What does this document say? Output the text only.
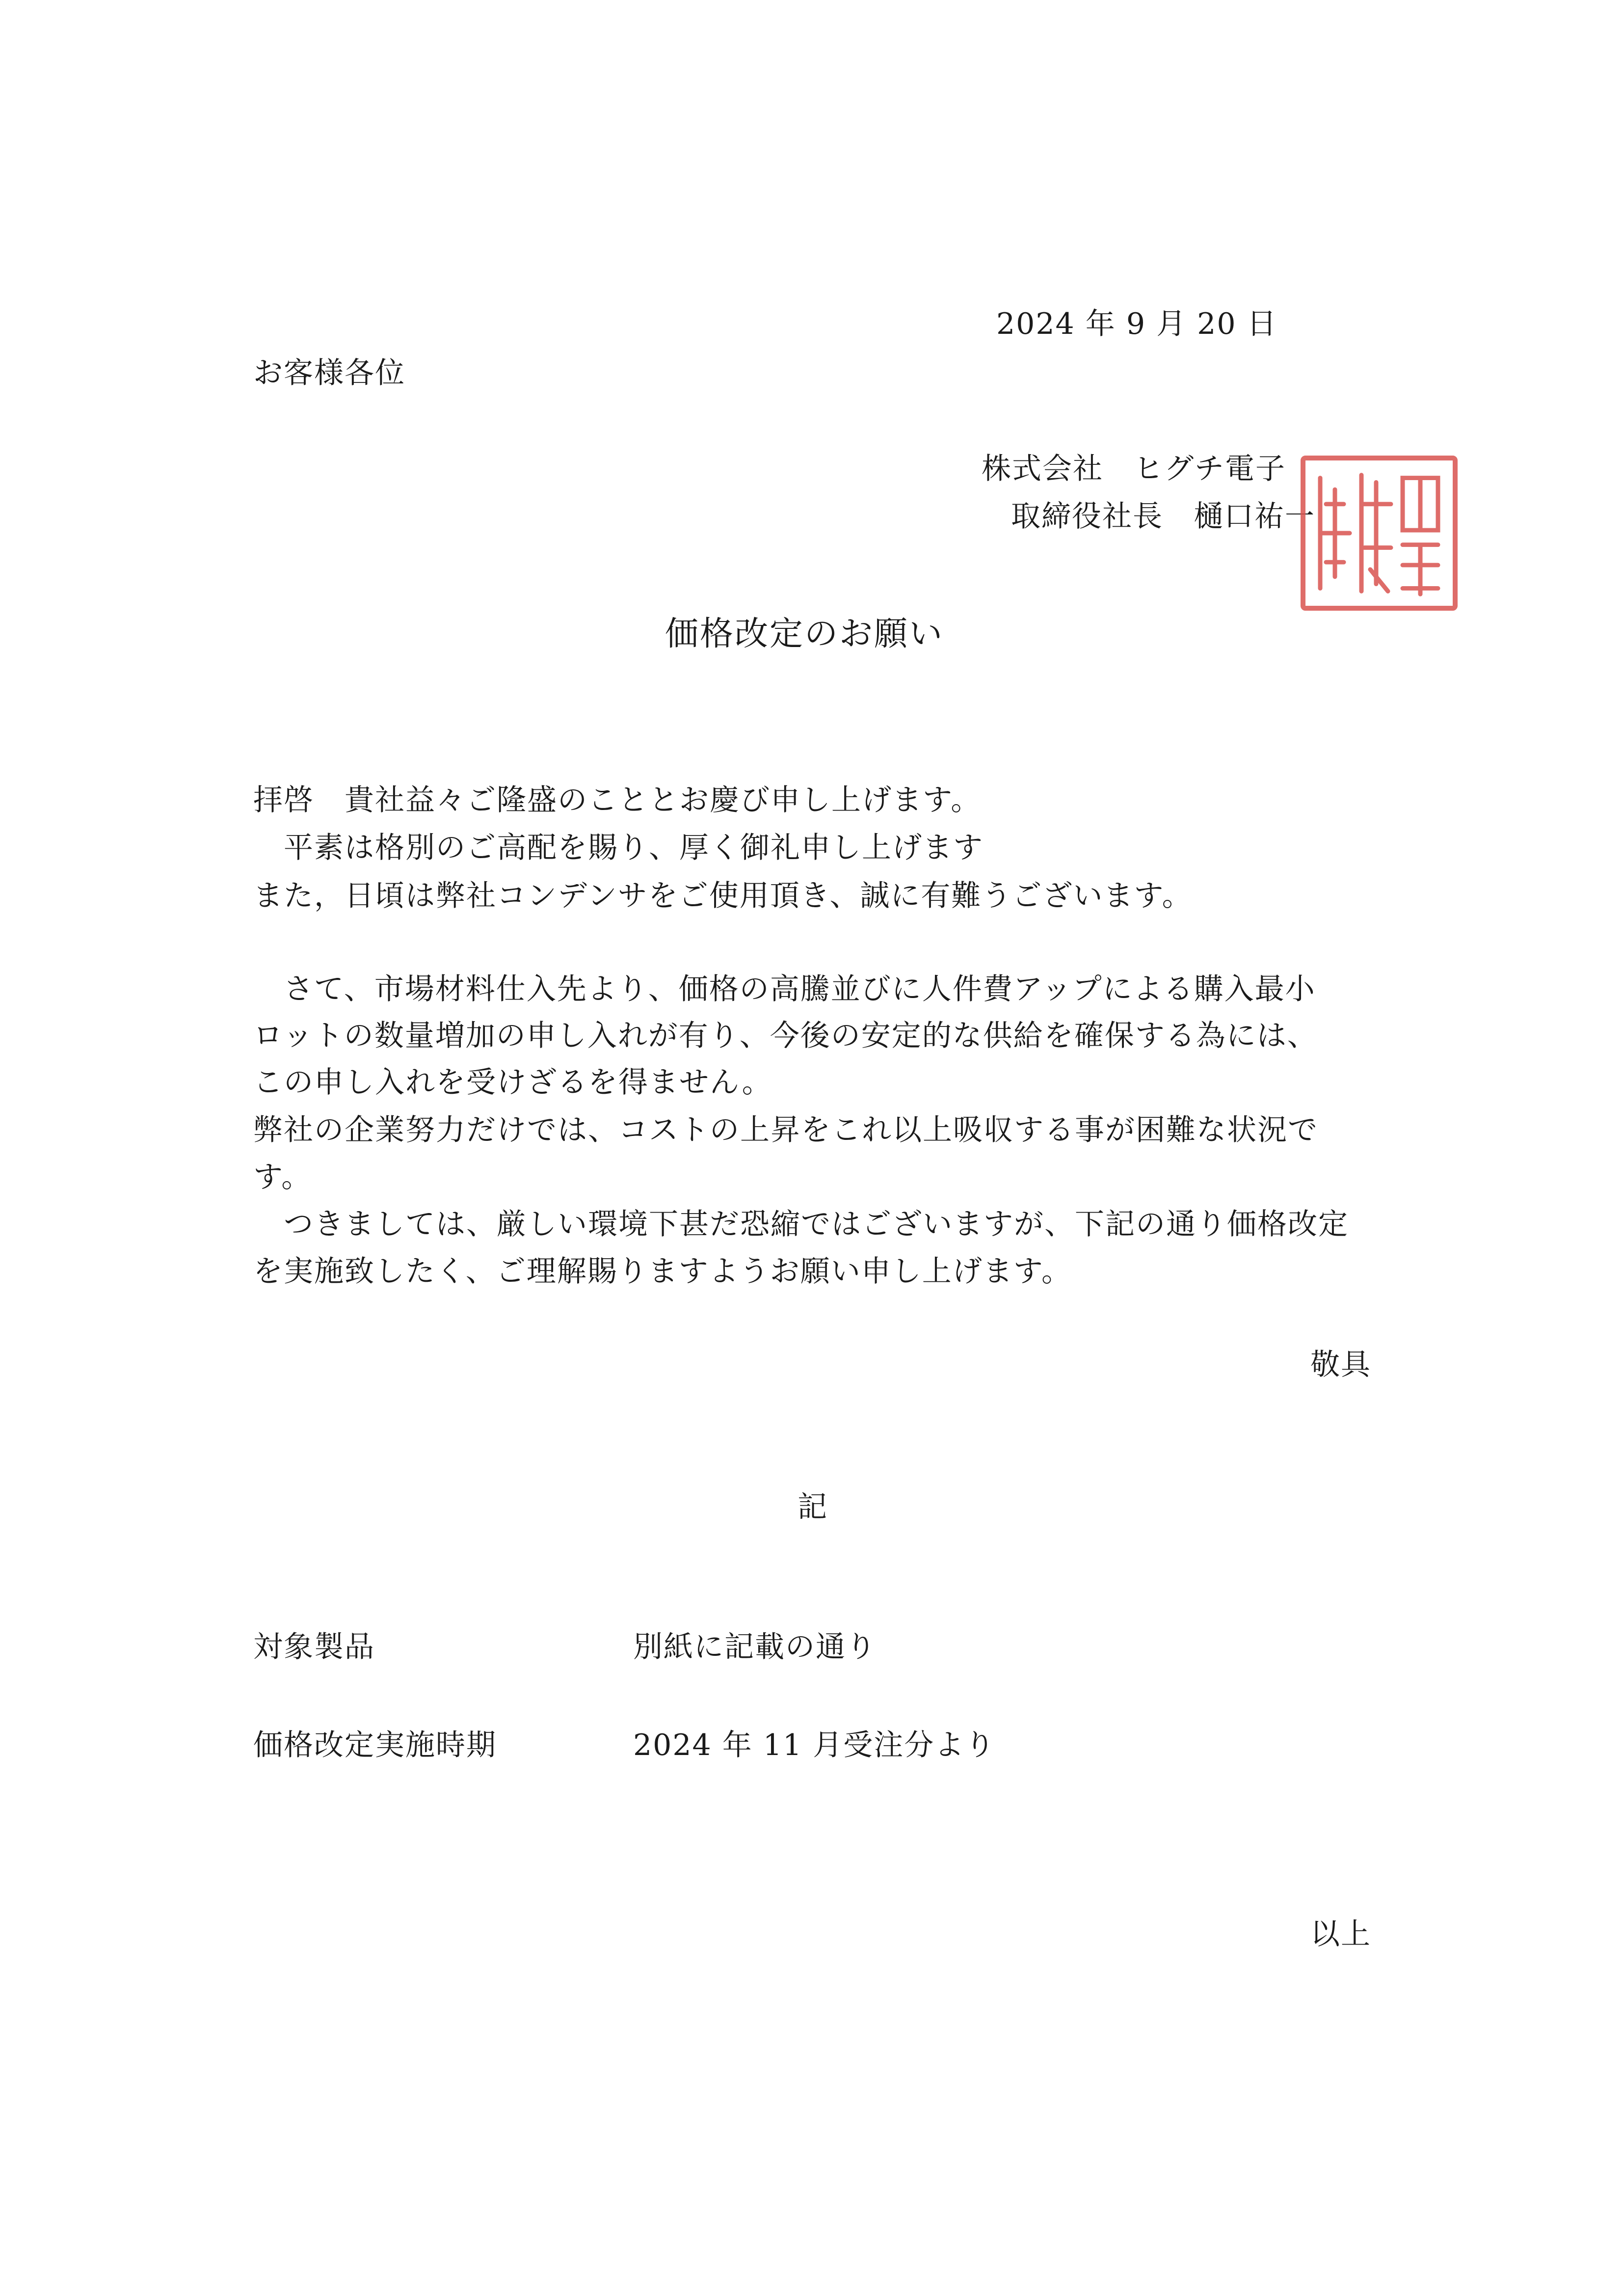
2024 年 9 月 20 日
お客様各位
株式会社　ヒグチ電子
取締役社長　樋口祐一
価格改定のお願い
拝啓　貴社益々ご隆盛のこととお慶び申し上げます。
　平素は格別のご高配を賜り、厚く御礼申し上げます
また，日頃は弊社コンデンサをご使用頂き、誠に有難うございます。
　さて、市場材料仕入先より、価格の高騰並びに人件費アップによる購入最小
ロットの数量増加の申し入れが有り、今後の安定的な供給を確保する為には、
この申し入れを受けざるを得ません。
弊社の企業努力だけでは、コストの上昇をこれ以上吸収する事が困難な状況で
す。
　つきましては、厳しい環境下甚だ恐縮ではございますが、下記の通り価格改定
を実施致したく、ご理解賜りますようお願い申し上げます。
敬具
記
対象製品	別紙に記載の通り
価格改定実施時期	2024 年 11 月受注分より
以上
